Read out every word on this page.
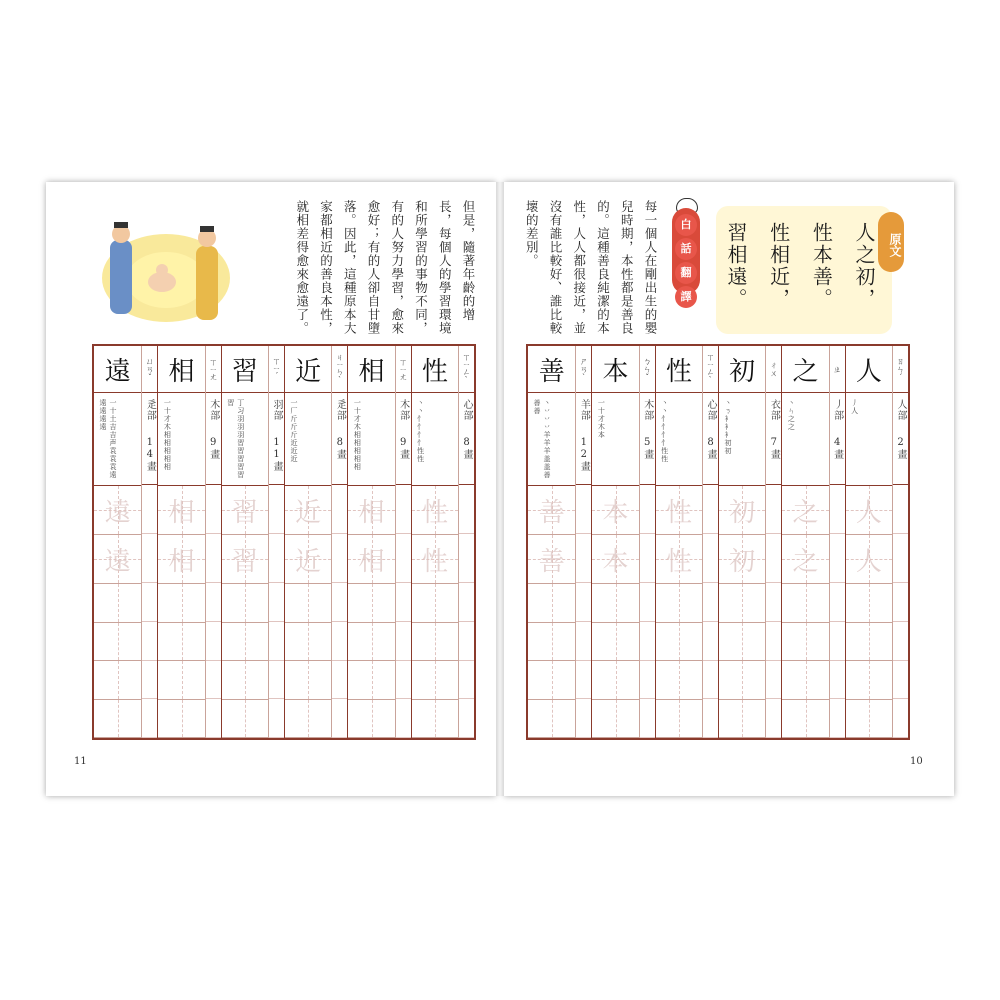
但是，隨著年齡的增長，每個人的學習環境和所學習的事物不同，有的人努力學習，愈來愈好；有的人卻自甘墮落。因此，這種原本大家都相近的善良本性，就相差得愈來愈遠了。
ㄒㄧㄥˋ
心部
8畫
性
丶丶忄忄忄忄性性
性
性
ㄒㄧㄤ
木部
9畫
相
一十才木相相相相相
相
相
ㄐㄧㄣˋ
辵部
8畫
近
一厂斤斤斤近近近
近
近
ㄒㄧˊ
羽部
11畫
習
丁习羽羽羽習習習習習習
習
習
ㄒㄧㄤ
木部
9畫
相
一十才木相相相相相
相
相
ㄩㄢˇ
辵部
14畫
遠
一十土吉吉声袁袁袁遠遠遠遠遠
遠
遠
11
人之初，
性本善。
性相近，
習相遠。	原文
白
話
翻
譯
每一個人在剛出生的嬰兒時期，本性都是善良的。這種善良純潔的本性，人人都很接近，並沒有誰比較好、誰比較壞的差別。
ㄖㄣˊ
人部
2畫
人
丿人
人
人
ㄓ
丿部
4畫
之
丶ㄣ之之
之
之
ㄔㄨ
衣部
7畫
初
丶ㄋ衤衤衤初初
初
初
ㄒㄧㄥˋ
心部
8畫
性
丶丶忄忄忄忄性性
性
性
ㄅㄣˇ
木部
5畫
本
一十才木本
本
本
ㄕㄢˋ
羊部
12畫
善
丶丷丷丷羊羊羊盖盖善善善
善
善
10
